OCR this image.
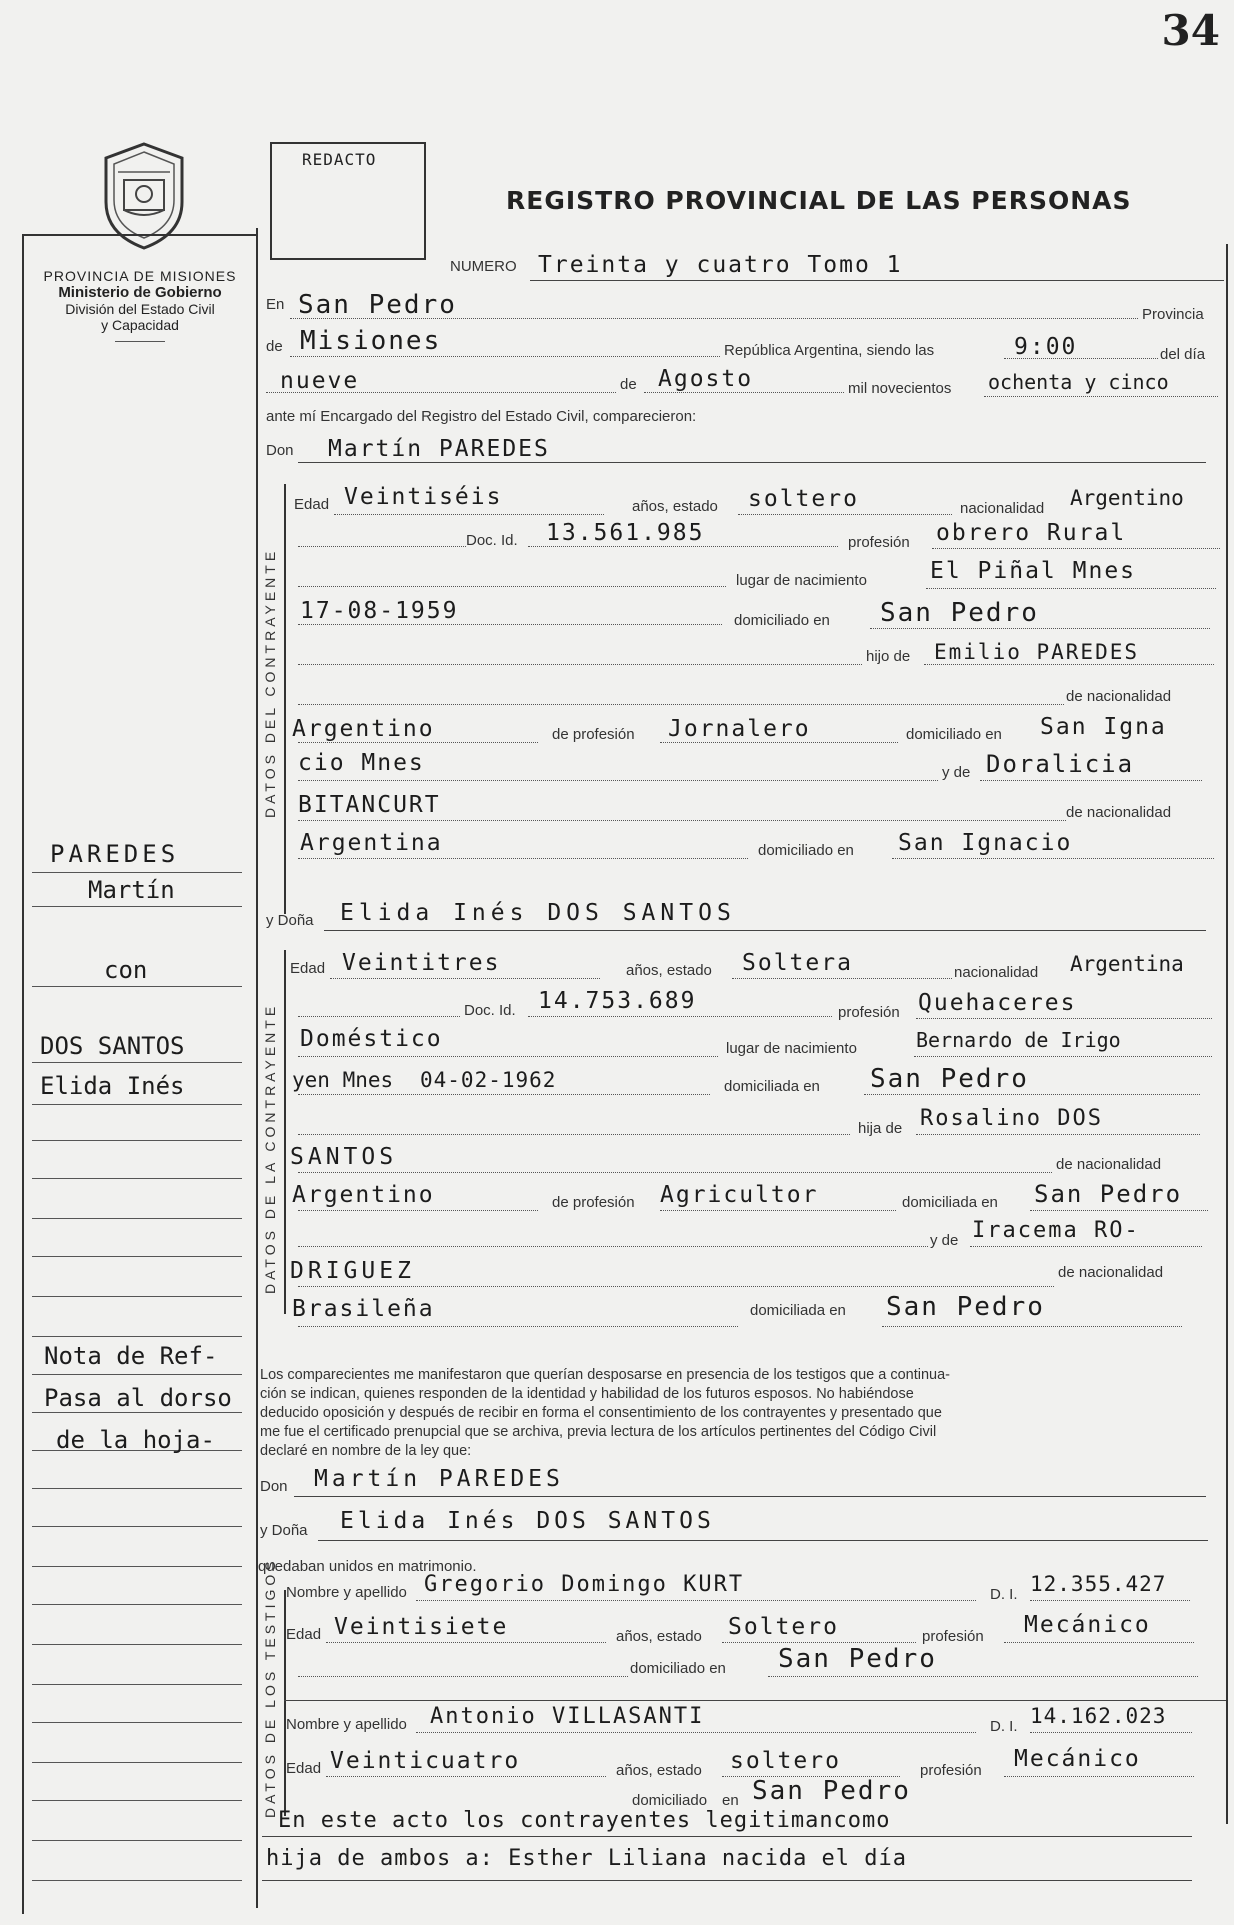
34
PROVINCIA DE MISIONES
Ministerio de Gobierno
División del Estado Civil
y Capacidad
REDACTO
REGISTRO PROVINCIAL DE LAS PERSONAS
DATOS DEL CONTRAYENTE
DATOS DE LA CONTRAYENTE
DATOS DE LOS TESTIGOS
PAREDES
Martín
con
DOS SANTOS
Elida Inés
Nota de Ref-
Pasa al dorso
de la hoja-
NUMERO Treinta y cuatro Tomo 1
En San Pedro	Provincia
de Misiones	República Argentina, siendo las	9:00	del día
nueve	de Agosto	mil novecientos ochenta y cinco
ante mí Encargado del Registro del Estado Civil, comparecieron:
Don Martín PAREDES
Edad Veintiséis	años, estado soltero	nacionalidad Argentino
Doc. Id. 13.561.985	profesión obrero Rural
lugar de nacimiento	El Piñal Mnes
17-08-1959	domiciliado en San Pedro
hijo de Emilio PAREDES
de nacionalidad
Argentino	de profesión Jornalero	domiciliado en San Igna
cio Mnes	y de Doralicia
BITANCURT	de nacionalidad
Argentina	domiciliado en San Ignacio
y Doña Elida Inés DOS SANTOS
Edad Veintitres	años, estado Soltera	nacionalidad Argentina
Doc. Id. 14.753.689	profesión Quehaceres
Doméstico	lugar de nacimiento	Bernardo de Irigo
yen Mnes 04-02-1962	domiciliada en San Pedro
hija de Rosalino DOS
SANTOS	de nacionalidad
Argentino	de profesión Agricultor	domiciliada en San Pedro
y de Iracema RO-
DRIGUEZ	de nacionalidad
Brasileña	domiciliada en San Pedro
Los comparecientes me manifestaron que querían desposarse en presencia de los testigos que a continua-
ción se indican, quienes responden de la identidad y habilidad de los futuros esposos. No habiéndose
deducido oposición y después de recibir en forma el consentimiento de los contrayentes y presentado que
me fue el certificado prenupcial que se archiva, previa lectura de los artículos pertinentes del Código Civil
declaré en nombre de la ley que:
Don Martín PAREDES
y Doña Elida Inés DOS SANTOS
quedaban unidos en matrimonio.
Nombre y apellido Gregorio Domingo KURT	D. I. 12.355.427
Edad Veintisiete	años, estado Soltero	profesión Mecánico
domiciliado en San Pedro
Nombre y apellido Antonio VILLASANTI	D. I. 14.162.023
Edad Veinticuatro	años, estado soltero	profesión Mecánico
domiciliado en San Pedro
En este acto los contrayentes legitimancomo
hija de ambos a: Esther Liliana nacida el día
